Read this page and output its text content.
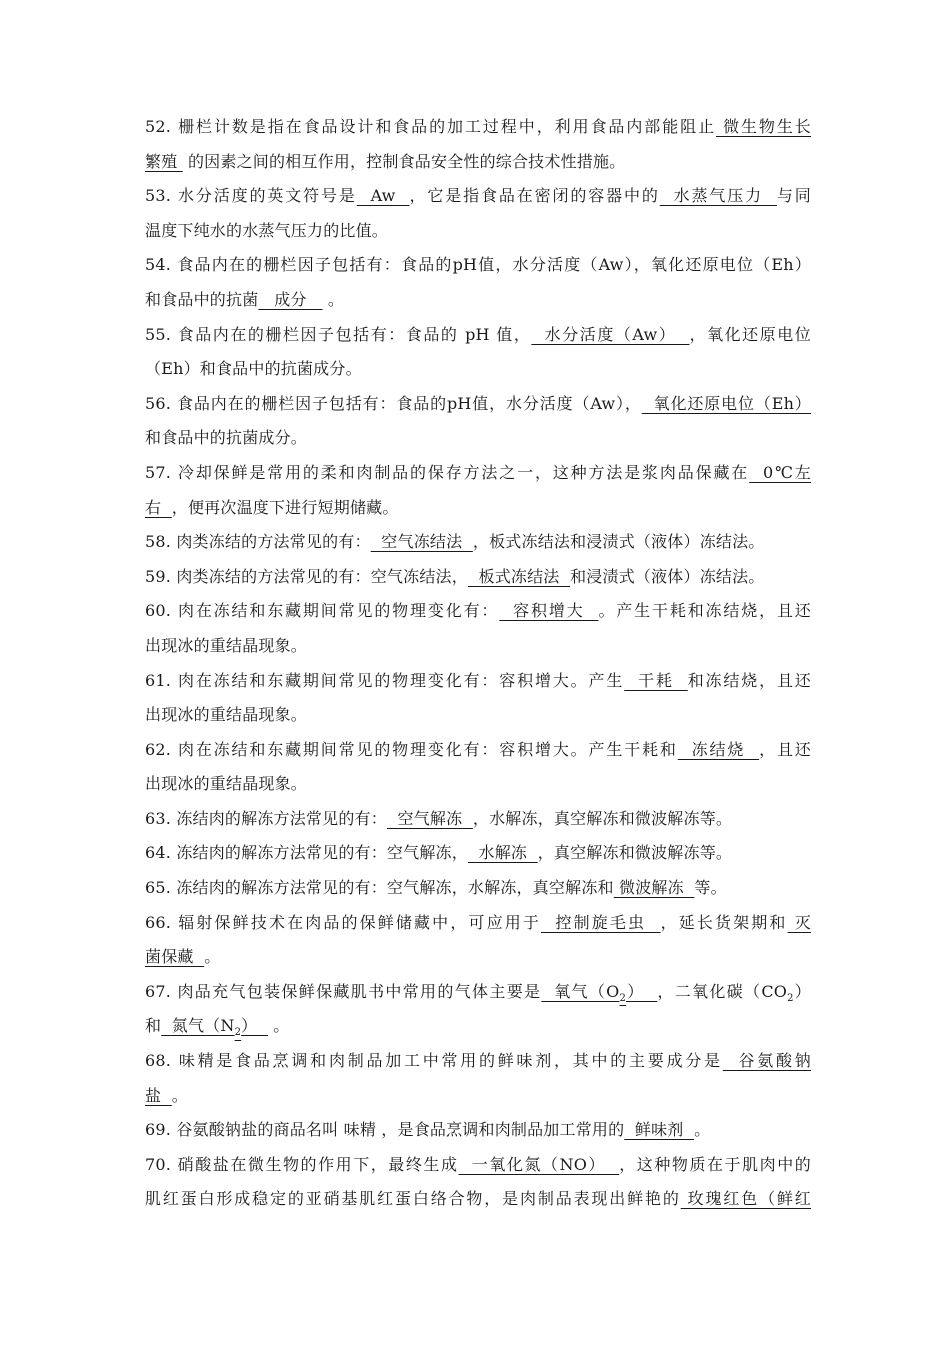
52. 栅栏计数是指在食品设计和食品的加工过程中，利用食品内部能阻止 微生物生长
繁殖  的因素之间的相互作用，控制食品安全性的综合技术性措施。
53. 水分活度的英文符号是  Aw  ，它是指食品在密闭的容器中的  水蒸气压力  与同
温度下纯水的水蒸气压力的比值。
54. 食品内在的栅栏因子包括有：食品的pH值，水分活度（Aw），氧化还原电位（Eh）
和食品中的抗菌   成分    。
55. 食品内在的栅栏因子包括有：食品的 pH 值，  水分活度（Aw）  ，氧化还原电位
（Eh）和食品中的抗菌成分。
56. 食品内在的栅栏因子包括有：食品的pH值，水分活度（Aw），  氧化还原电位（Eh）
和食品中的抗菌成分。
57. 冷却保鲜是常用的柔和肉制品的保存方法之一，这种方法是浆肉品保藏在  0℃左
右  ，便再次温度下进行短期储藏。
58. 肉类冻结的方法常见的有：  空气冻结法  ，板式冻结法和浸渍式（液体）冻结法。
59. 肉类冻结的方法常见的有：空气冻结法，  板式冻结法  和浸渍式（液体）冻结法。
60. 肉在冻结和东藏期间常见的物理变化有：  容积增大  。产生干耗和冻结烧，且还
出现冰的重结晶现象。
61. 肉在冻结和东藏期间常见的物理变化有：容积增大。产生  干耗  和冻结烧，且还
出现冰的重结晶现象。
62. 肉在冻结和东藏期间常见的物理变化有：容积增大。产生干耗和  冻结烧  ，且还
出现冰的重结晶现象。
63. 冻结肉的解冻方法常见的有：  空气解冻  ，水解冻，真空解冻和微波解冻等。
64. 冻结肉的解冻方法常见的有：空气解冻，  水解冻  ，真空解冻和微波解冻等。
65. 冻结肉的解冻方法常见的有：空气解冻，水解冻，真空解冻和 微波解冻  等。
66. 辐射保鲜技术在肉品的保鲜储藏中，可应用于  控制旋毛虫  ，延长货架期和 灭
菌保藏  。
67. 肉品充气包装保鲜保藏肌书中常用的气体主要是  氧气$(O_2)$  ，二氧化碳$(CO_2)$
和  氮气$(N_2)$   。
68. 味精是食品烹调和肉制品加工中常用的鲜味剂，其中的主要成分是  谷氨酸钠
盐  。
69. 谷氨酸钠盐的商品名叫 味精 ，是食品烹调和肉制品加工常用的  鲜味剂  。
70. 硝酸盐在微生物的作用下，最终生成  一氧化氮（NO）  ，这种物质在于肌肉中的
肌红蛋白形成稳定的亚硝基肌红蛋白络合物，是肉制品表现出鲜艳的 玫瑰红色（鲜红
